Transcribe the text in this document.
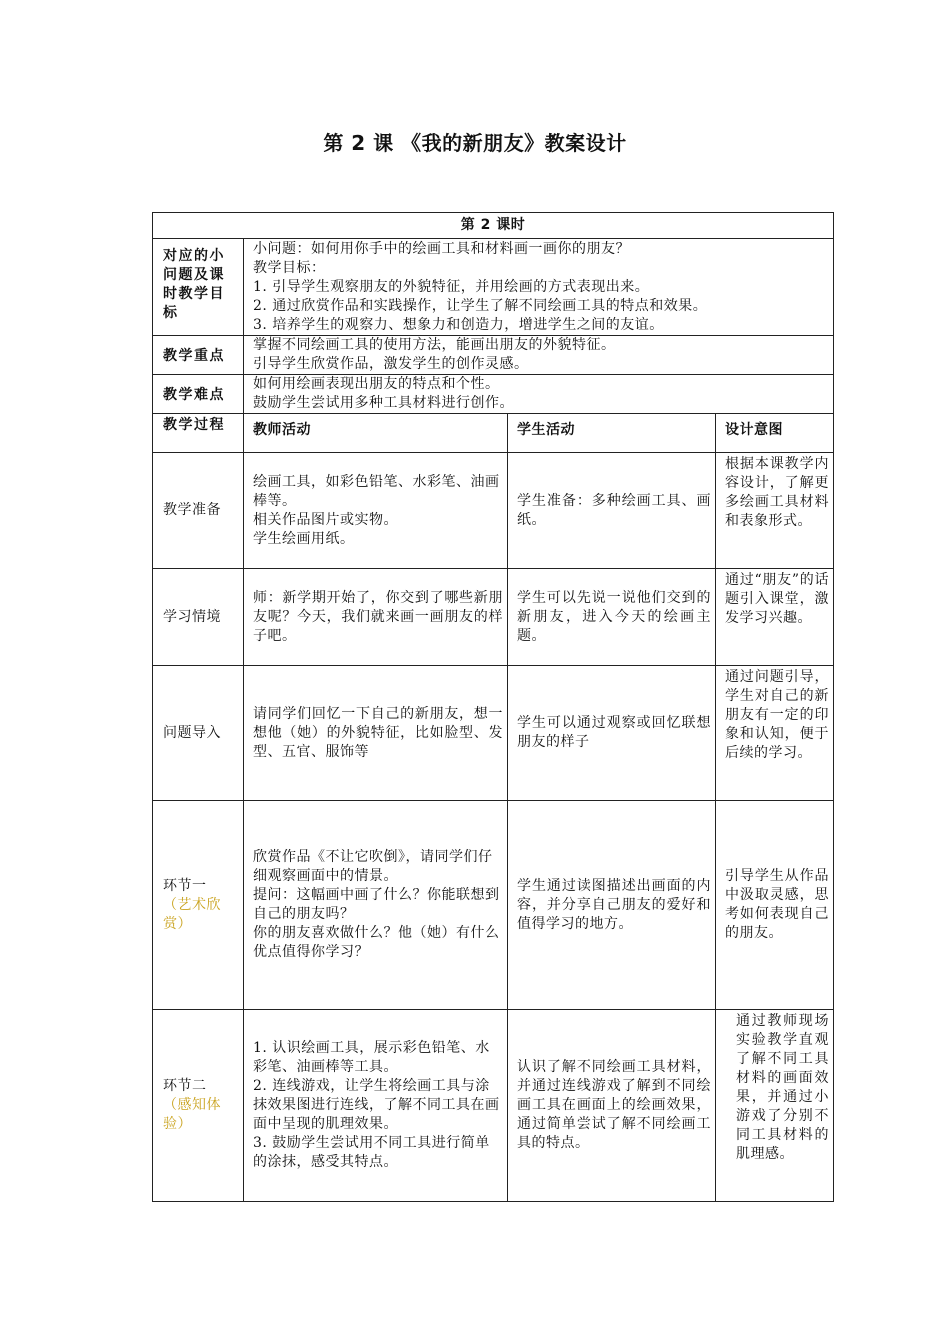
第 2 课 《我的新朋友》教案设计
第 2 课时			
对应的小问题及课时教学目标	小问题：如何用你手中的绘画工具和材料画一画你的朋友？
教学目标：
1. 引导学生观察朋友的外貌特征，并用绘画的方式表现出来。
2. 通过欣赏作品和实践操作，让学生了解不同绘画工具的特点和效果。
3. 培养学生的观察力、想象力和创造力，增进学生之间的友谊。		

教学重点	掌握不同绘画工具的使用方法，能画出朋友的外貌特征。
引导学生欣赏作品，激发学生的创作灵感。		

教学难点	如何用绘画表现出朋友的特点和个性。
鼓励学生尝试用多种工具材料进行创作。		

教学过程	教师活动	学生活动	设计意图
教学准备	绘画工具，如彩色铅笔、水彩笔、油画棒等。
相关作品图片或实物。
学生绘画用纸。	学生准备：多种绘画工具、画纸。	根据本课教学内容设计，了解更多绘画工具材料和表象形式。
学习情境	师：新学期开始了，你交到了哪些新朋友呢？今天，我们就来画一画朋友的样子吧。	学生可以先说一说他们交到的新朋友，进入今天的绘画主题。	通过“朋友”的话题引入课堂，激发学习兴趣。
问题导入	请同学们回忆一下自己的新朋友，想一想他（她）的外貌特征，比如脸型、发型、五官、服饰等	学生可以通过观察或回忆联想朋友的样子	通过问题引导，学生对自己的新朋友有一定的印象和认知，便于后续的学习。

环节一
（艺术欣赏）	欣赏作品《不让它吹倒》，请同学们仔细观察画面中的情景。
提问：这幅画中画了什么？你能联想到自己的朋友吗？
你的朋友喜欢做什么？他（她）有什么优点值得你学习？	学生通过读图描述出画面的内容，并分享自己朋友的爱好和值得学习的地方。	引导学生从作品中汲取灵感，思考如何表现自己的朋友。

环节二
（感知体验）	1. 认识绘画工具，展示彩色铅笔、水彩笔、油画棒等工具。
2. 连线游戏，让学生将绘画工具与涂抹效果图进行连线，了解不同工具在画面中呈现的肌理效果。
3. 鼓励学生尝试用不同工具进行简单的涂抹，感受其特点。	认识了解不同绘画工具材料，并通过连线游戏了解到不同绘画工具在画面上的绘画效果，通过简单尝试了解不同绘画工具的特点。	通过教师现场实验教学直观了解不同工具材料的画面效果，并通过小游戏了分别不同工具材料的肌理感。
